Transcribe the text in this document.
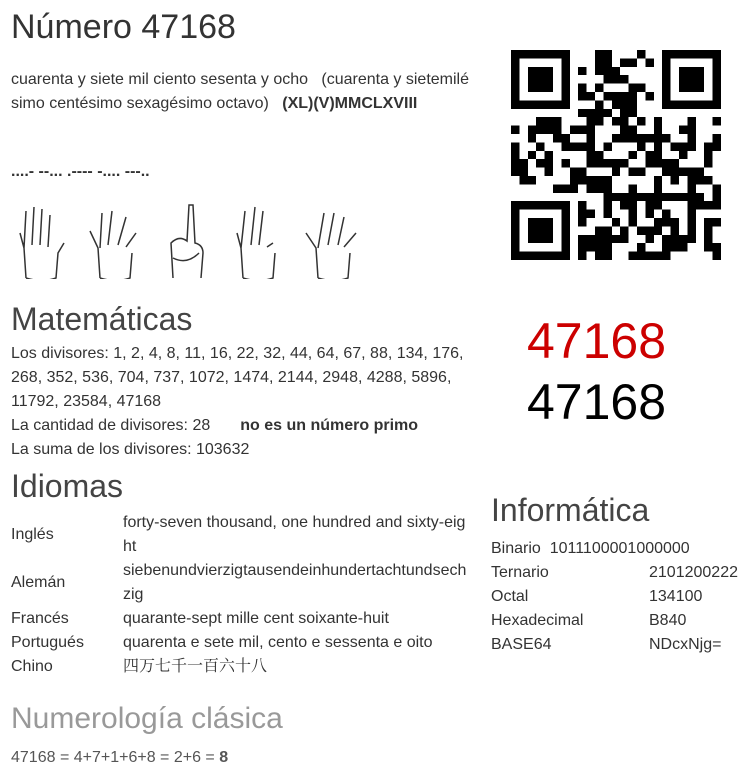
Número 47168
cuarenta y siete mil ciento sesenta y ocho (cuarenta y sietemilésimo centésimo sexagésimo octavo) (XL)(V)MMCLXVIII
....- --... .---- -.... ---..

47168
47168
Matemáticas
Los divisores: 1, 2, 4, 8, 11, 16, 22, 32, 44, 64, 67, 88, 134, 176, 268, 352, 536, 704, 737, 1072, 1474, 2144, 2948, 4288, 5896, 11792, 23584, 47168
La cantidad de divisores: 28 no es un número primo
La suma de los divisores: 103632
Idiomas
Inglés	forty-seven thousand, one hundred and sixty-eight
Alemán	siebenundvierzigtausendeinhundertachtundsechzig
Francés	quarante-sept mille cent soixante-huit
Portugués	quarenta e sete mil, cento e sessenta e oito
Chino	四万七千一百六十八
Informática
Binario 1011100001000000
Ternario	2101200222
Octal	134100
Hexadecimal	B840
BASE64	NDcxNjg=
Numerología clásica
47168 = 4+7+1+6+8 = 2+6 = 8
